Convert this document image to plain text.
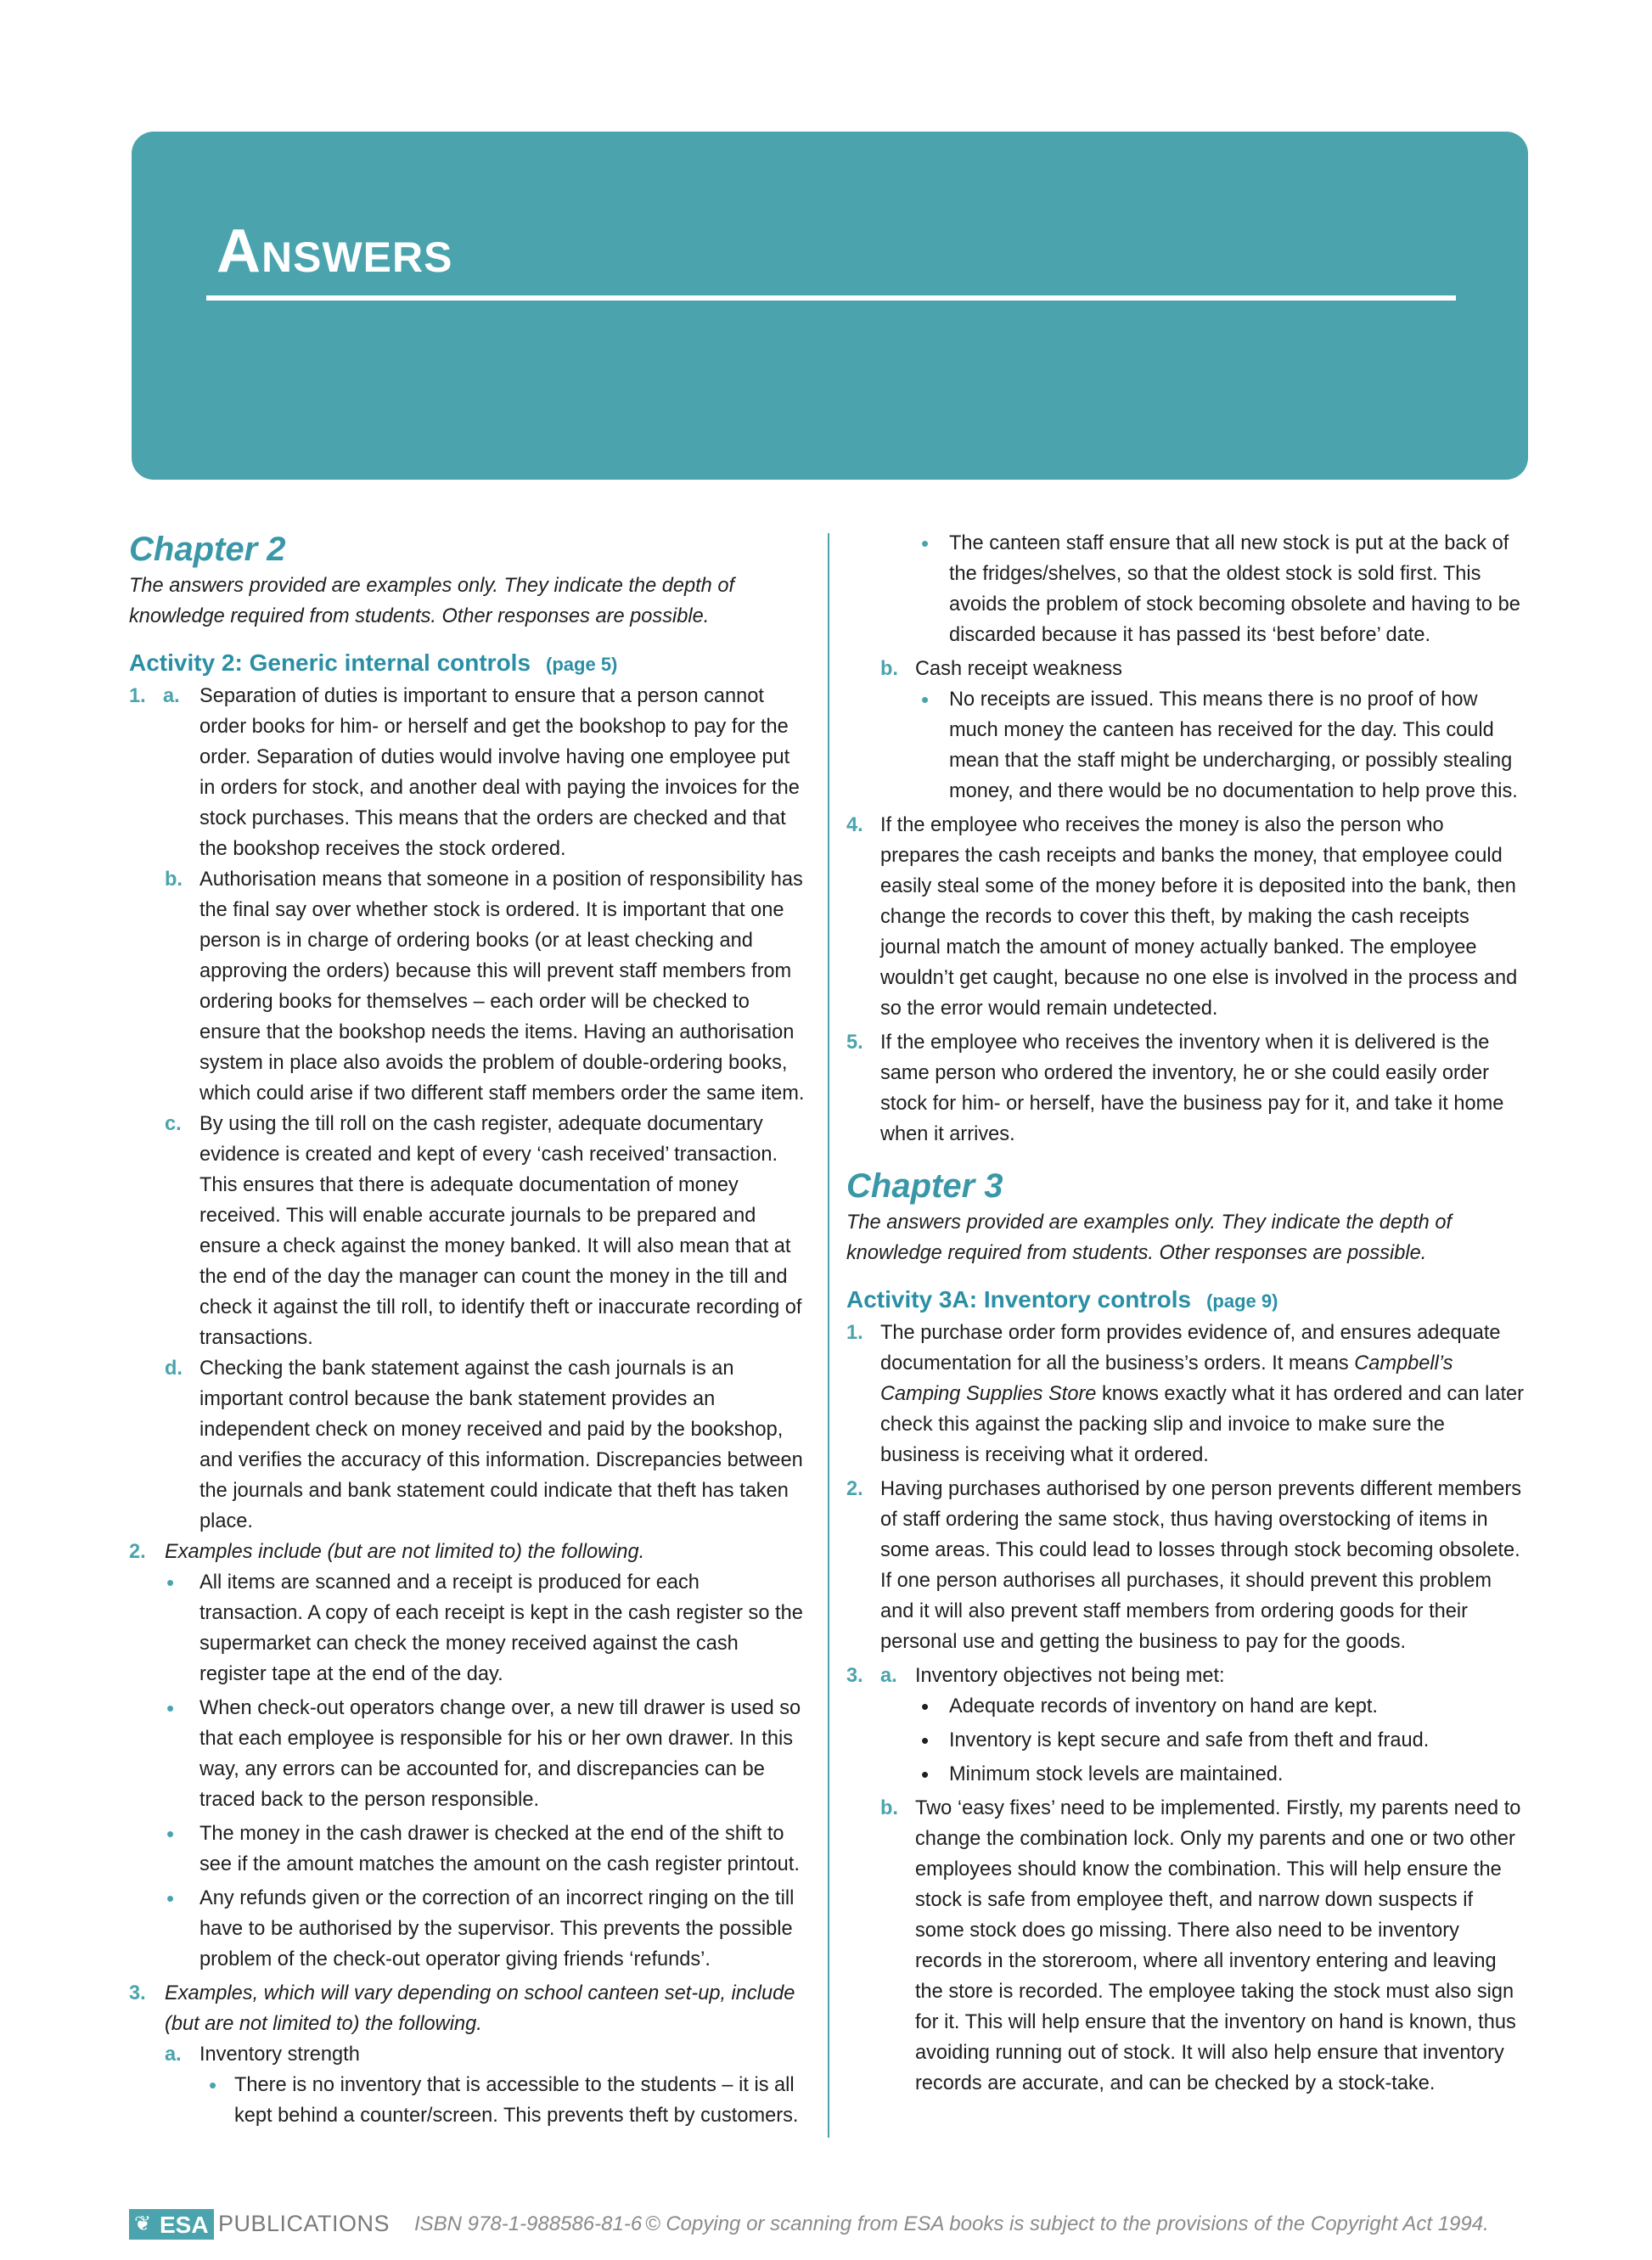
Answers
Chapter 2

The answers provided are examples only. They indicate the depth of knowledge required from students. Other responses are possible.

Activity 2: Generic internal controls (page 5)
1. a. Separation of duties is important to ensure that a person cannot order books for him- or herself and get the bookshop to pay for the order. Separation of duties would involve having one employee put in orders for stock, and another deal with paying the invoices for the stock purchases. This means that the orders are checked and that the bookshop receives the stock ordered.
b. Authorisation means that someone in a position of responsibility has the final say over whether stock is ordered. It is important that one person is in charge of ordering books (or at least checking and approving the orders) because this will prevent staff members from ordering books for themselves – each order will be checked to ensure that the bookshop needs the items. Having an authorisation system in place also avoids the problem of double-ordering books, which could arise if two different staff members order the same item.
c. By using the till roll on the cash register, adequate documentary evidence is created and kept of every ‘cash received’ transaction. This ensures that there is adequate documentation of money received. This will enable accurate journals to be prepared and ensure a check against the money banked. It will also mean that at the end of the day the manager can count the money in the till and check it against the till roll, to identify theft or inaccurate recording of transactions.
d. Checking the bank statement against the cash journals is an important control because the bank statement provides an independent check on money received and paid by the bookshop, and verifies the accuracy of this information. Discrepancies between the journals and bank statement could indicate that theft has taken place.
2. Examples include (but are not limited to) the following.
• All items are scanned and a receipt is produced for each transaction. A copy of each receipt is kept in the cash register so the supermarket can check the money received against the cash register tape at the end of the day.
• When check-out operators change over, a new till drawer is used so that each employee is responsible for his or her own drawer. In this way, any errors can be accounted for, and discrepancies can be traced back to the person responsible.
• The money in the cash drawer is checked at the end of the shift to see if the amount matches the amount on the cash register printout.
• Any refunds given or the correction of an incorrect ringing on the till have to be authorised by the supervisor. This prevents the possible problem of the check-out operator giving friends ‘refunds’.
3. Examples, which will vary depending on school canteen set-up, include (but are not limited to) the following.
a. Inventory strength
• There is no inventory that is accessible to the students – it is all kept behind a counter/screen. This prevents theft by customers.
• The canteen staff ensure that all new stock is put at the back of the fridges/shelves, so that the oldest stock is sold first. This avoids the problem of stock becoming obsolete and having to be discarded because it has passed its ‘best before’ date.
b. Cash receipt weakness
• No receipts are issued. This means there is no proof of how much money the canteen has received for the day. This could mean that the staff might be undercharging, or possibly stealing money, and there would be no documentation to help prove this.
4. If the employee who receives the money is also the person who prepares the cash receipts and banks the money, that employee could easily steal some of the money before it is deposited into the bank, then change the records to cover this theft, by making the cash receipts journal match the amount of money actually banked. The employee wouldn’t get caught, because no one else is involved in the process and so the error would remain undetected.
5. If the employee who receives the inventory when it is delivered is the same person who ordered the inventory, he or she could easily order stock for him- or herself, have the business pay for it, and take it home when it arrives.
Chapter 3

The answers provided are examples only. They indicate the depth of knowledge required from students. Other responses are possible.

Activity 3A: Inventory controls (page 9)
1. The purchase order form provides evidence of, and ensures adequate documentation for all the business’s orders. It means Campbell’s Camping Supplies Store knows exactly what it has ordered and can later check this against the packing slip and invoice to make sure the business is receiving what it ordered.
2. Having purchases authorised by one person prevents different members of staff ordering the same stock, thus having overstocking of items in some areas. This could lead to losses through stock becoming obsolete. If one person authorises all purchases, it should prevent this problem and it will also prevent staff members from ordering goods for their personal use and getting the business to pay for the goods.
3. a. Inventory objectives not being met:
• Adequate records of inventory on hand are kept.
• Inventory is kept secure and safe from theft and fraud.
• Minimum stock levels are maintained.
b. Two ‘easy fixes’ need to be implemented. Firstly, my parents need to change the combination lock. Only my parents and one or two other employees should know the combination. This will help ensure the stock is safe from employee theft, and narrow down suspects if some stock does go missing. There also need to be inventory records in the storeroom, where all inventory entering and leaving the store is recorded. The employee taking the stock must also sign for it. This will help ensure that the inventory on hand is known, thus avoiding running out of stock. It will also help ensure that inventory records are accurate, and can be checked by a stock-take.
❦ ESA PUBLICATIONS ISBN 978-1-988586-81-6 © Copying or scanning from ESA books is subject to the provisions of the Copyright Act 1994.
